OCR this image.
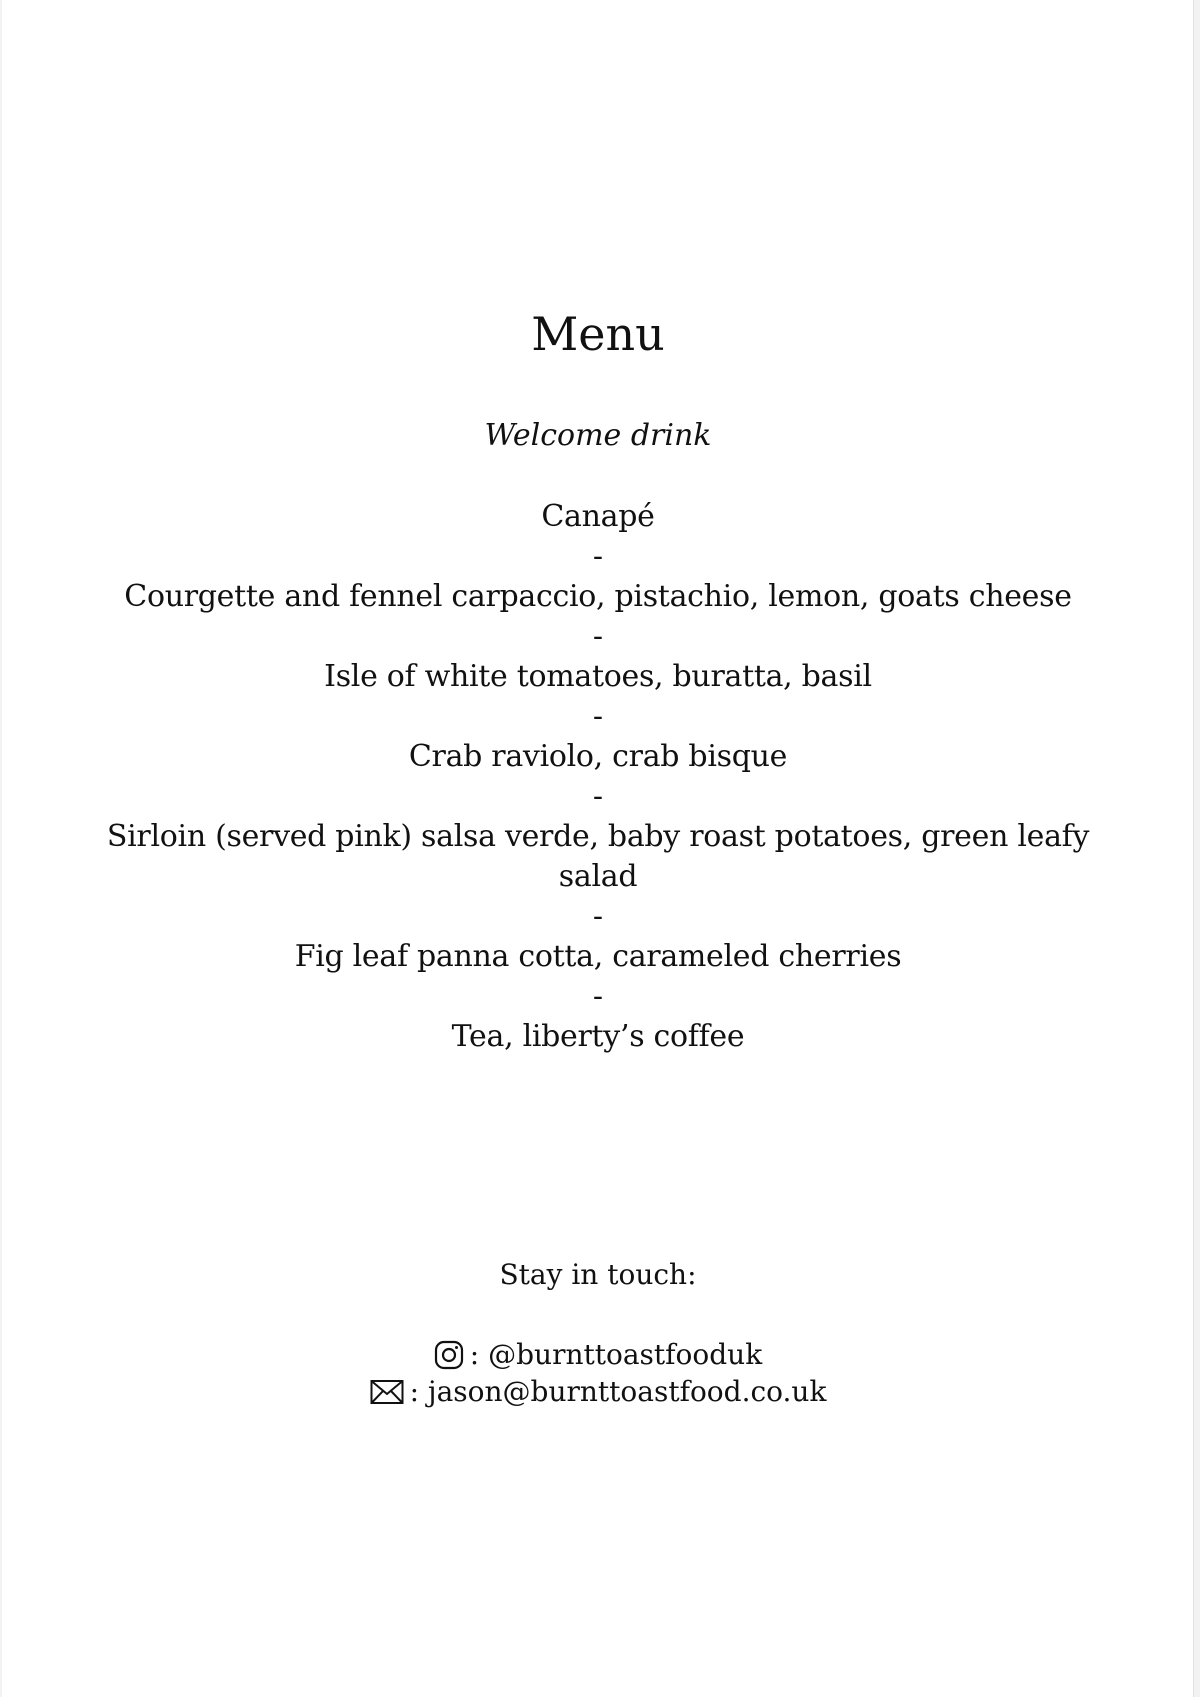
Menu
Welcome drink

Canapé

-

Courgette and fennel carpaccio, pistachio, lemon, goats cheese

-

Isle of white tomatoes, buratta, basil

-

Crab raviolo, crab bisque

-

Sirloin (served pink) salsa verde, baby roast potatoes, green leafy salad

-

Fig leaf panna cotta, carameled cherries

-

Tea, liberty’s coffee

Stay in touch:
: @burnttoastfooduk
: jason@burnttoastfood.co.uk
